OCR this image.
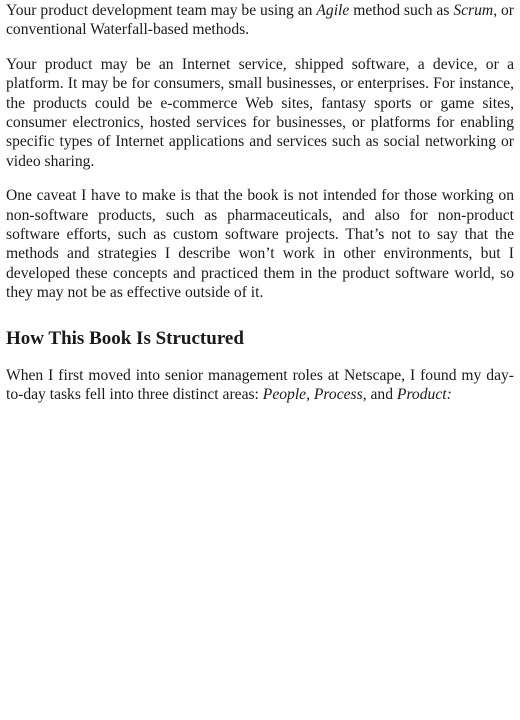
Your product development team may be using an Agile method such as Scrum, or conventional Waterfall-based methods.

Your product may be an Internet service, shipped software, a device, or a platform. It may be for consumers, small businesses, or enterprises. For instance, the products could be e-commerce Web sites, fantasy sports or game sites, consumer electronics, hosted services for businesses, or platforms for enabling specific types of Internet applications and services such as social networking or video sharing.

One caveat I have to make is that the book is not intended for those working on non-software products, such as pharmaceuticals, and also for non-product software efforts, such as custom software projects. That’s not to say that the methods and strategies I describe won’t work in other environments, but I developed these concepts and practiced them in the product software world, so they may not be as effective outside of it.

How This Book Is Structured

When I first moved into senior management roles at Netscape, I found my day-to-day tasks fell into three distinct areas: People, Process, and Product:
